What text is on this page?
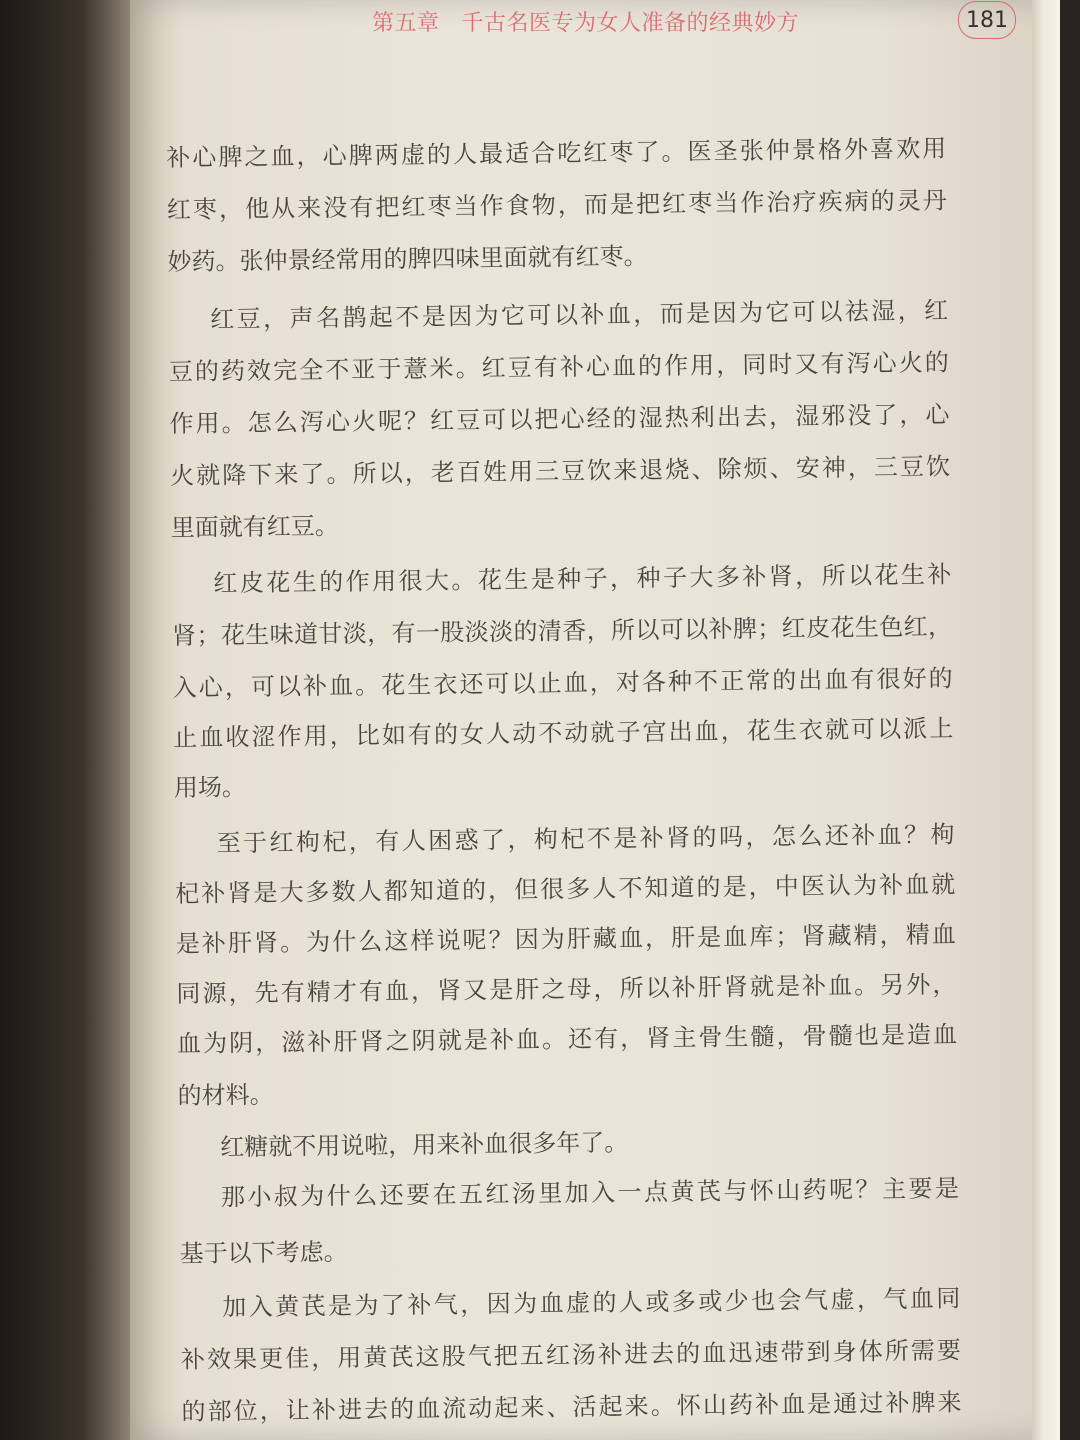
第五章 千古名医专为女人准备的经典妙方	181
补心脾之血，心脾两虚的人最适合吃红枣了。医圣张仲景格外喜欢用
红枣，他从来没有把红枣当作食物，而是把红枣当作治疗疾病的灵丹
妙药。张仲景经常用的脾四味里面就有红枣。
红豆，声名鹊起不是因为它可以补血，而是因为它可以祛湿，红
豆的药效完全不亚于薏米。红豆有补心血的作用，同时又有泻心火的
作用。怎么泻心火呢？红豆可以把心经的湿热利出去，湿邪没了，心
火就降下来了。所以，老百姓用三豆饮来退烧、除烦、安神，三豆饮
里面就有红豆。
红皮花生的作用很大。花生是种子，种子大多补肾，所以花生补
肾；花生味道甘淡，有一股淡淡的清香，所以可以补脾；红皮花生色红，
入心，可以补血。花生衣还可以止血，对各种不正常的出血有很好的
止血收涩作用，比如有的女人动不动就子宫出血，花生衣就可以派上
用场。
至于红枸杞，有人困惑了，枸杞不是补肾的吗，怎么还补血？枸
杞补肾是大多数人都知道的，但很多人不知道的是，中医认为补血就
是补肝肾。为什么这样说呢？因为肝藏血，肝是血库；肾藏精，精血
同源，先有精才有血，肾又是肝之母，所以补肝肾就是补血。另外，
血为阴，滋补肝肾之阴就是补血。还有，肾主骨生髓，骨髓也是造血
的材料。
红糖就不用说啦，用来补血很多年了。
那小叔为什么还要在五红汤里加入一点黄芪与怀山药呢？主要是
基于以下考虑。
加入黄芪是为了补气，因为血虚的人或多或少也会气虚，气血同
补效果更佳，用黄芪这股气把五红汤补进去的血迅速带到身体所需要
的部位，让补进去的血流动起来、活起来。怀山药补血是通过补脾来
